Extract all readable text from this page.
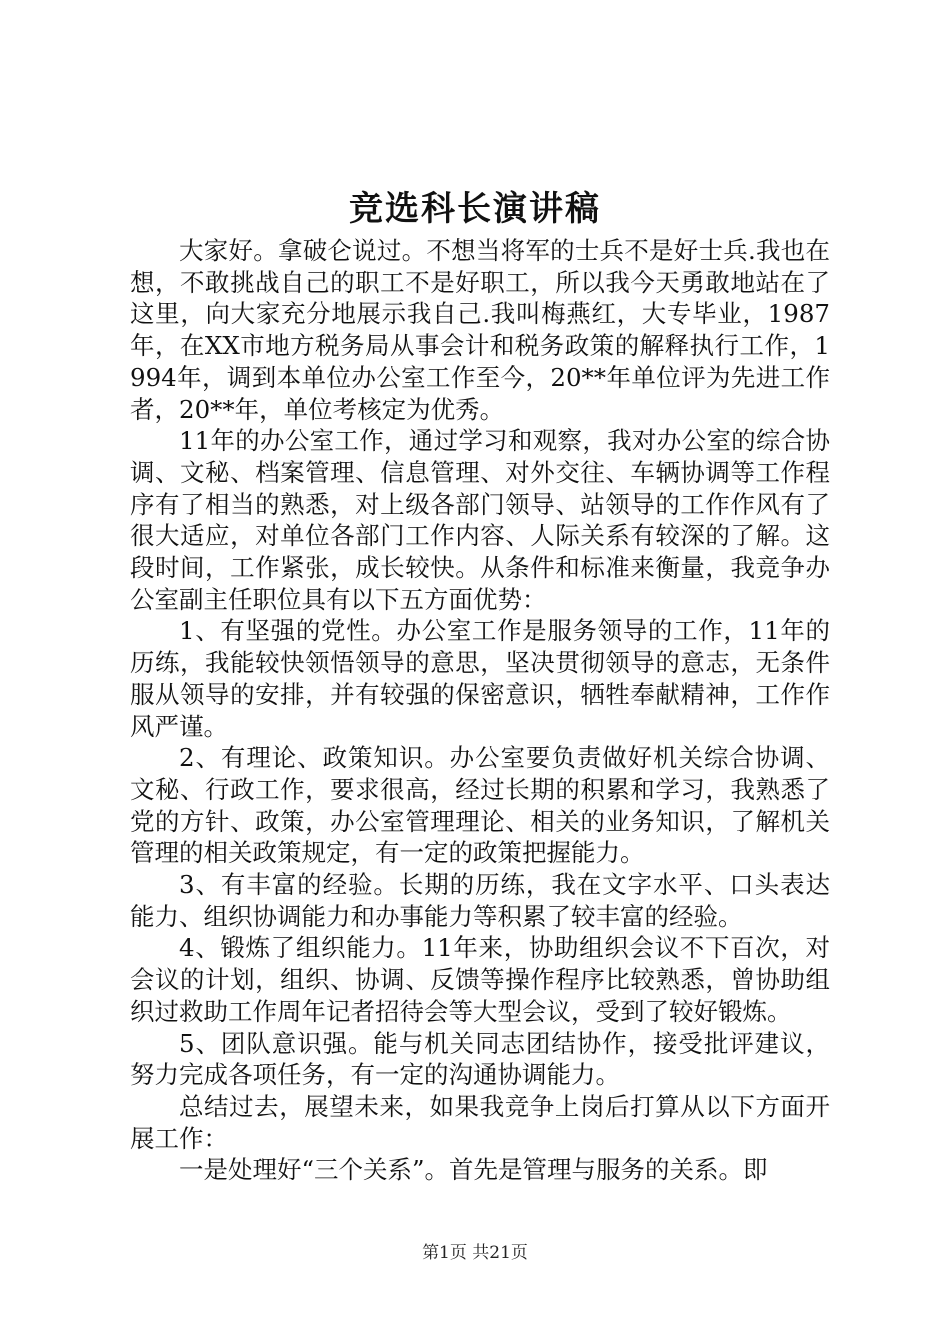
竞选科长演讲稿

大家好。拿破仑说过。不想当将军的士兵不是好士兵.我也在想，不敢挑战自己的职工不是好职工，所以我今天勇敢地站在了这里，向大家充分地展示我自己.我叫梅燕红，大专毕业，1987年，在XX市地方税务局从事会计和税务政策的解释执行工作，1994年，调到本单位办公室工作至今，20**年单位评为先进工作者，20**年，单位考核定为优秀。

11年的办公室工作，通过学习和观察，我对办公室的综合协调、文秘、档案管理、信息管理、对外交往、车辆协调等工作程序有了相当的熟悉，对上级各部门领导、站领导的工作作风有了很大适应，对单位各部门工作内容、人际关系有较深的了解。这段时间，工作紧张，成长较快。从条件和标准来衡量，我竞争办公室副主任职位具有以下五方面优势：

1、有坚强的党性。办公室工作是服务领导的工作，11年的历练，我能较快领悟领导的意思，坚决贯彻领导的意志，无条件服从领导的安排，并有较强的保密意识，牺牲奉献精神，工作作风严谨。

2、有理论、政策知识。办公室要负责做好机关综合协调、文秘、行政工作，要求很高，经过长期的积累和学习，我熟悉了党的方针、政策，办公室管理理论、相关的业务知识，了解机关管理的相关政策规定，有一定的政策把握能力。

3、有丰富的经验。长期的历练，我在文字水平、口头表达能力、组织协调能力和办事能力等积累了较丰富的经验。

4、锻炼了组织能力。11年来，协助组织会议不下百次，对会议的计划，组织、协调、反馈等操作程序比较熟悉，曾协助组织过救助工作周年记者招待会等大型会议，受到了较好锻炼。

5、团队意识强。能与机关同志团结协作，接受批评建议，努力完成各项任务，有一定的沟通协调能力。

总结过去，展望未来，如果我竞争上岗后打算从以下方面开展工作：

一是处理好“三个关系”。首先是管理与服务的关系。即

第1页 共21页
